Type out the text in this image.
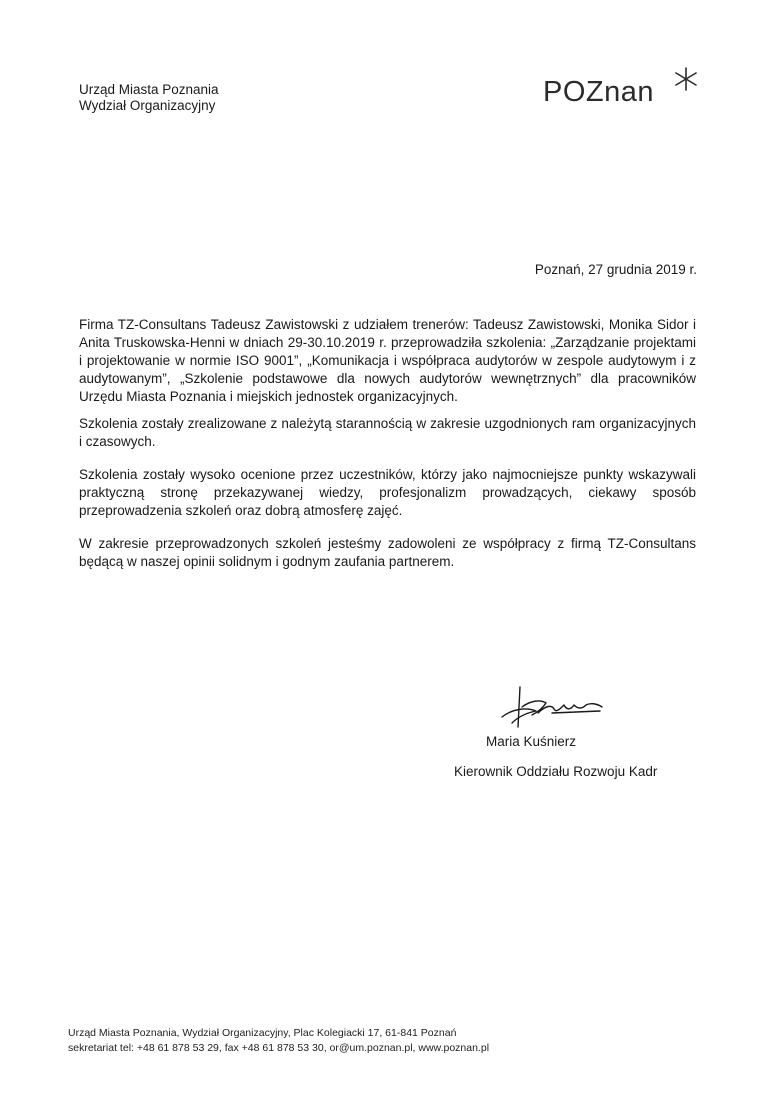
Urząd Miasta Poznania
Wydział Organizacyjny	POZnan
Poznań, 27 grudnia 2019 r.

Firma TZ-Consultans Tadeusz Zawistowski z udziałem trenerów: Tadeusz Zawistowski, Monika Sidor i Anita Truskowska-Henni w dniach 29-30.10.2019 r. przeprowadziła szkolenia: „Zarządzanie projektami i projektowanie w normie ISO 9001”, „Komunikacja i współpraca audytorów w zespole audytowym i z audytowanym”, „Szkolenie podstawowe dla nowych audytorów wewnętrznych” dla pracowników Urzędu Miasta Poznania i miejskich jednostek organizacyjnych.

Szkolenia zostały zrealizowane z należytą starannością w zakresie uzgodnionych ram organizacyjnych i czasowych.

Szkolenia zostały wysoko ocenione przez uczestników, którzy jako najmocniejsze punkty wskazywali praktyczną stronę przekazywanej wiedzy, profesjonalizm prowadzących, ciekawy sposób przeprowadzenia szkoleń oraz dobrą atmosferę zajęć.

W zakresie przeprowadzonych szkoleń jesteśmy zadowoleni ze współpracy z firmą TZ-Consultans będącą w naszej opinii solidnym i godnym zaufania partnerem.

Maria Kuśnierz
Kierownik Oddziału Rozwoju Kadr
Urząd Miasta Poznania, Wydział Organizacyjny, Plac Kolegiacki 17, 61-841 Poznań
sekretariat tel: +48 61 878 53 29, fax +48 61 878 53 30, or@um.poznan.pl, www.poznan.pl
